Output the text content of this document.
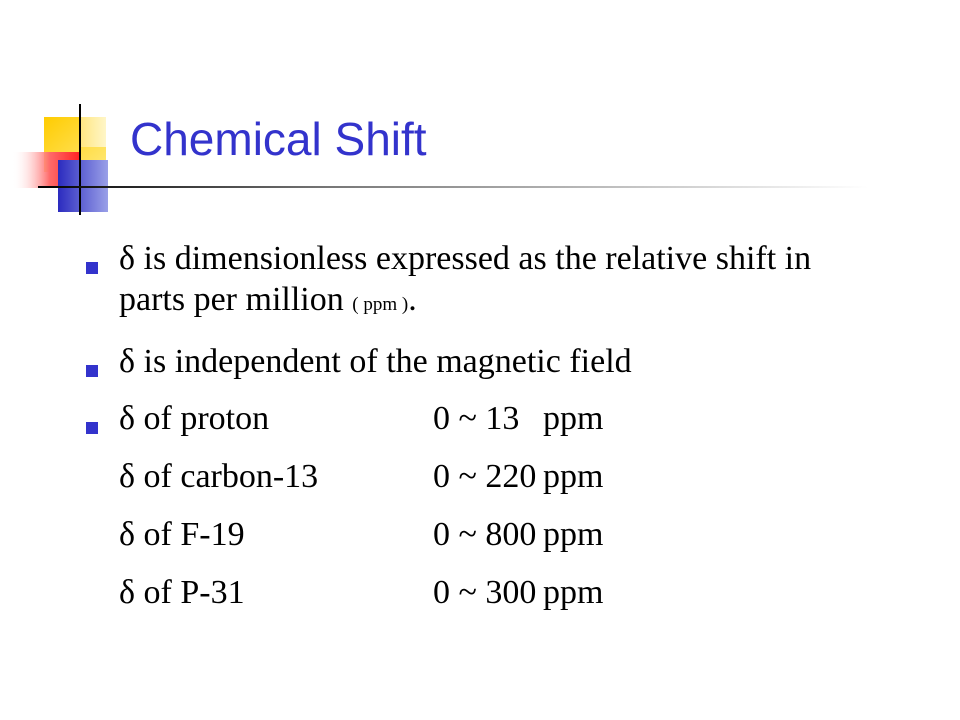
Chemical Shift
δ is dimensionless expressed as the relative shift in parts per million ( ppm ).
δ is independent of the magnetic field
δ of proton	0 ~ 13 ppm
δ of carbon-13	0 ~ 220 ppm
δ of F-19	0 ~ 800 ppm
δ of P-31	0 ~ 300 ppm
